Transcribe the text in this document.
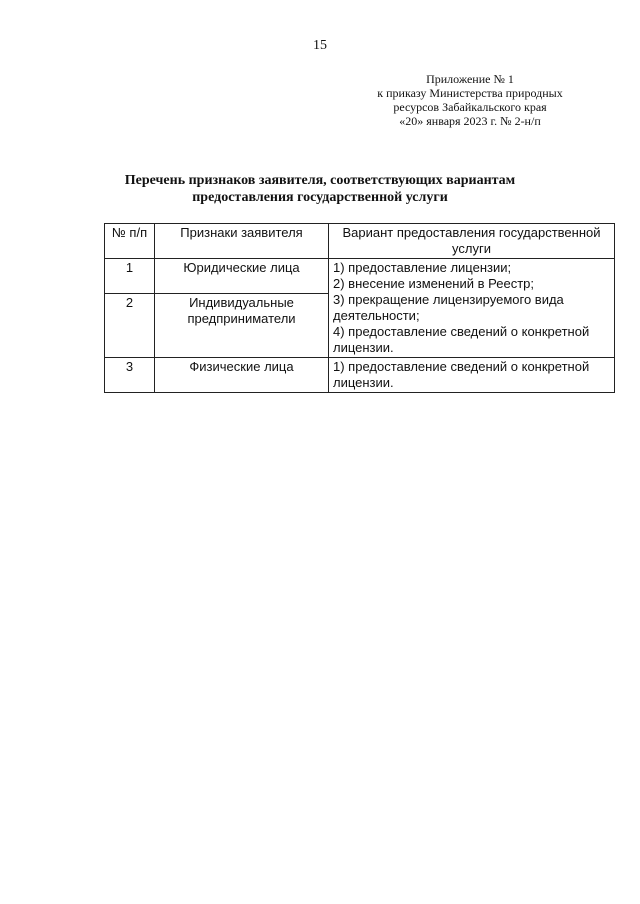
15
Приложение № 1
к приказу Министерства природных
ресурсов Забайкальского края
«20» января 2023 г. № 2-н/п
Перечень признаков заявителя, соответствующих вариантам
предоставления государственной услуги
№ п/п	Признаки заявителя	Вариант предоставления государственной услуги
1	Юридические лица	1) предоставление лицензии;
2) внесение изменений в Реестр;
3) прекращение лицензируемого вида деятельности;
4) предоставление сведений о конкретной лицензии.

2	Индивидуальные предприниматели	
3	Физические лица	1) предоставление сведений о конкретной лицензии.
